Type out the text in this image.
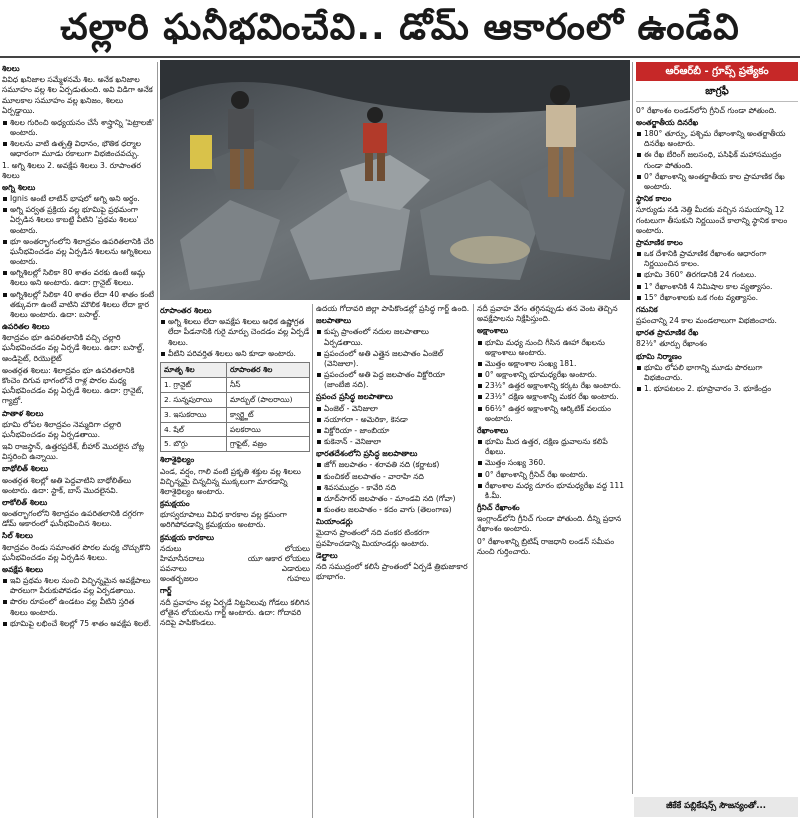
చల్లారి ఘనీభవించేవి.. డోమ్ ఆకారంలో ఉండేవి

శిలలు

వివిధ ఖనిజాల సమ్మేళనమే శిల. అనేక ఖనిజాల సమూహం వల్ల శిల ఏర్పడుతుంది. అవి విడిగా అనేక మూలకాల సమూహం వల్ల ఖనిజం, శిలలు ఏర్పడ్డాయి.

శిలల గురించి అధ్యయనం చేసే శాస్త్రాన్ని 'పెట్రాలజీ' అంటారు.
శిలలను వాటి ఉత్పత్తి విధానం, భౌతిక ధర్మాల ఆధారంగా మూడు రకాలుగా విభజించవచ్చు.

1. అగ్ని శిలలు 2. అవక్షేప శిలలు 3. రూపాంతర శిలలు

అగ్ని శిలలు

Ignis అంటే లాటిన్ భాషలో అగ్ని అని అర్థం.
అగ్ని పర్వత ప్రక్రియ వల్ల భూమిపై ప్రథమంగా ఏర్పడిన శిలలు కాబట్టి వీటిని 'ప్రథమ శిలలు' అంటారు.
భూ అంతర్భాగంలోని శిలాద్రవం ఉపరితలానికి చేరి ఘనీభవించడం వల్ల ఏర్పడిన శిలలను అగ్నిశిలలు అంటారు.
అగ్నిశిలల్లో సిలికా 80 శాతం వరకు ఉంటే ఆమ్ల శిలలు అని అంటారు. ఉదా: గ్రానైట్ శిలలు.
అగ్నిశిలల్లో సిలికా 40 శాతం లేదా 40 శాతం కంటే తక్కువగా ఉంటే వాటిని మౌలిక శిలలు లేదా క్షార శిలలు అంటారు. ఉదా: బసాల్ట్.

ఉపరితల శిలలు

శిలాద్రవం భూ ఉపరితలానికి వచ్చి చల్లారి ఘనీభవించడం వల్ల ఏర్పడే శిలలు. ఉదా: బసాల్ట్, ఆండిసైట్, రియొలైట్

అంతర్గత శిలలు: శిలాద్రవం భూ ఉపరితలానికి కొంచెం దిగువ భాగంలోనే రాళ్ల పొరల మధ్య ఘనీభవించడం వల్ల ఏర్పడే శిలలు. ఉదా: గ్రానైట్, గ్యాబ్రో.

పాతాళ శిలలు

భూమి లోపల శిలాద్రవం నెమ్మదిగా చల్లారి ఘనీభవించడం వల్ల ఏర్పడతాయి.

ఇవి రాజస్థాన్, ఉత్తరప్రదేశ్, బీహార్ మొదలైన చోట్ల విస్తరించి ఉన్నాయి.

బాథోలిత్ శిలలు

అంతర్గత శిలల్లో అతి పెద్దవాటిని బాథోలిత్‌లు అంటారు. ఉదా: స్టాక్, బాస్ మొదలైనవి.

లాకోలిత్ శిలలు

అంతర్భాగంలోని శిలాద్రవం ఉపరితలానికి దగ్గరగా డోమ్ ఆకారంలో ఘనీభవించిన శిలలు.

సిల్ శిలలు

శిలాద్రవం రెండు సమాంతర పొరల మధ్య చొచ్చుకొని ఘనీభవించడం వల్ల ఏర్పడిన శిలలు.

అవక్షేప శిలలు

ఇవి ప్రథమ శిలల నుంచి విచ్ఛిన్నమైన అవక్షేపాలు పొరలుగా పేరుకుపోవడం వల్ల ఏర్పడతాయి.
పొరల రూపంలో ఉండటం వల్ల వీటిని స్తరిత శిలలు అంటారు.
భూమిపై లభించే శిలల్లో 75 శాతం అవక్షేప శిలలే.

రూపాంతర శిలలు

అగ్ని శిలలు లేదా అవక్షేప శిలలు అధిక ఉష్ణోగ్రత లేదా పీడనానికి గురై మార్పు చెందడం వల్ల ఏర్పడే శిలలు.
వీటిని పరివర్తిత శిలలు అని కూడా అంటారు.
మాతృ శిల	రూపాంతర శిల
1. గ్రానైట్	నీస్
2. సున్నపురాయి	మార్బుల్ (పాలరాయి)
3. ఇసుకరాయి	క్వార్ట్జైట్
4. షేల్	పలకరాయి
5. బొగ్గు	గ్రాఫైట్, వజ్రం

శిలాశైథిల్యం

ఎండ, వర్షం, గాలి వంటి ప్రకృతి శక్తుల వల్ల శిలలు విచ్ఛిన్నమై చిన్నచిన్న ముక్కలుగా మారడాన్ని శిలాశైథిల్యం అంటారు.

క్రమక్షయం

భూస్వరూపాలు వివిధ కారకాల వల్ల క్రమంగా అరిగిపోవడాన్ని క్రమక్షయం అంటారు.

క్రమక్షయ కారకాలు

నదులు	లోయలు
హిమానీనదాలు	యూ ఆకార లోయలు
పవనాలు	ఎడారులు
అంతర్భజలం	గుహలు

గార్జ్

నదీ ప్రవాహం వల్ల ఏర్పడే నిట్టనిలువు గోడలు కలిగిన లోతైన లోయలను గార్జ్ అంటారు. ఉదా: గోదావరి నదిపై పాపికొండలు.

ఉదయ గోదావరి జిల్లా పాపికొండల్లో ప్రసిద్ధ గార్జ్ ఉంది.

జలపాతాలు

కుప్ప ప్రాంతంలో నదుల జలపాతాలు ఏర్పడతాయి.
ప్రపంచంలో అతి ఎత్తైన జలపాతం ఏంజెల్ (వెనిజులా).
ప్రపంచంలో అతి పెద్ద జలపాతం విక్టోరియా (జాంబేజి నది).

ప్రపంచ ప్రసిద్ధ జలపాతాలు

ఏంజెల్ - వెనిజులా
నయాగరా - అమెరికా, కెనడా
విక్టోరియా - జాంబియా
కుకెనాన్ - వెనిజులా

భారతదేశంలోని ప్రసిద్ధ జలపాతాలు

జోగ్ జలపాతం - శరావతి నది (కర్ణాటక)
కుంచికల్ జలపాతం - వారాహి నది
శివసముద్రం - కావేరి నది
దూద్‌సాగర్ జలపాతం - మాండవి నది (గోవా)
కుంతల జలపాతం - కదం వాగు (తెలంగాణ)

మియాండర్లు

మైదాన ప్రాంతంలో నది వంకర టింకరగా ప్రవహించడాన్ని మియాండర్లు అంటారు.

డెల్టాలు

నది సముద్రంలో కలిసే ప్రాంతంలో ఏర్పడే త్రిభుజాకార భూభాగం.

నదీ ప్రవాహ వేగం తగ్గినప్పుడు తన వెంట తెచ్చిన అవక్షేపాలను నిక్షేపిస్తుంది.

అక్షాంశాలు

భూమి మధ్య నుంచి గీసిన ఊహా రేఖలను అక్షాంశాలు అంటారు.
మొత్తం అక్షాంశాల సంఖ్య 181.
0° అక్షాంశాన్ని భూమధ్యరేఖ అంటారు.
23½° ఉత్తర అక్షాంశాన్ని కర్కట రేఖ అంటారు.
23½° దక్షిణ అక్షాంశాన్ని మకర రేఖ అంటారు.
66½° ఉత్తర అక్షాంశాన్ని ఆర్కిటిక్ వలయం అంటారు.

రేఖాంశాలు

భూమి మీద ఉత్తర, దక్షిణ ధ్రువాలను కలిపే రేఖలు.
మొత్తం సంఖ్య 360.
0° రేఖాంశాన్ని గ్రీనిచ్ రేఖ అంటారు.
రేఖాంశాల మధ్య దూరం భూమధ్యరేఖ వద్ద 111 కి.మీ.

గ్రీనిచ్ రేఖాంశం

ఇంగ్లాండ్‌లోని గ్రీనిచ్ గుండా పోతుంది. దీన్ని ప్రధాన రేఖాంశం అంటారు.

0° రేఖాంశాన్ని బ్రిటిష్ రాజధాని లండన్ సమీపం నుంచి గుర్తించారు.

ఆర్ఆర్‌బీ - గ్రూప్స్ ప్రత్యేకం
జాగ్రఫీ

0° రేఖాంశం లండన్‌లోని గ్రీనిచ్ గుండా పోతుంది.

అంతర్జాతీయ దినరేఖ

180° తూర్పు, పశ్చిమ రేఖాంశాన్ని అంతర్జాతీయ దినరేఖ అంటారు.
ఈ రేఖ బేరింగ్ జలసంధి, పసిఫిక్ మహాసముద్రం గుండా పోతుంది.
0° రేఖాంశాన్ని అంతర్జాతీయ కాల ప్రామాణిక రేఖ అంటారు.

స్థానిక కాలం

సూర్యుడు నడి నెత్తి మీదకు వచ్చిన సమయాన్ని 12 గంటలుగా తీసుకుని నిర్ణయించే కాలాన్ని స్థానిక కాలం అంటారు.

ప్రామాణిక కాలం

ఒక దేశానికి ప్రామాణిక రేఖాంశం ఆధారంగా నిర్ణయించిన కాలం.
భూమి 360° తిరగడానికి 24 గంటలు.
1° రేఖాంశానికి 4 నిమిషాల కాల వ్యత్యాసం.
15° రేఖాంశాలకు ఒక గంట వ్యత్యాసం.

గమనిక

ప్రపంచాన్ని 24 కాల మండలాలుగా విభజించారు.

భారత ప్రామాణిక రేఖ

82½° తూర్పు రేఖాంశం

భూమి నిర్మాణం

భూమి లోపలి భాగాన్ని మూడు పొరలుగా విభజించారు.
1. భూపటలం 2. భూప్రావారం 3. భూకేంద్రం
జీకేకే పబ్లికేషన్స్ సౌజన్యంతో...
